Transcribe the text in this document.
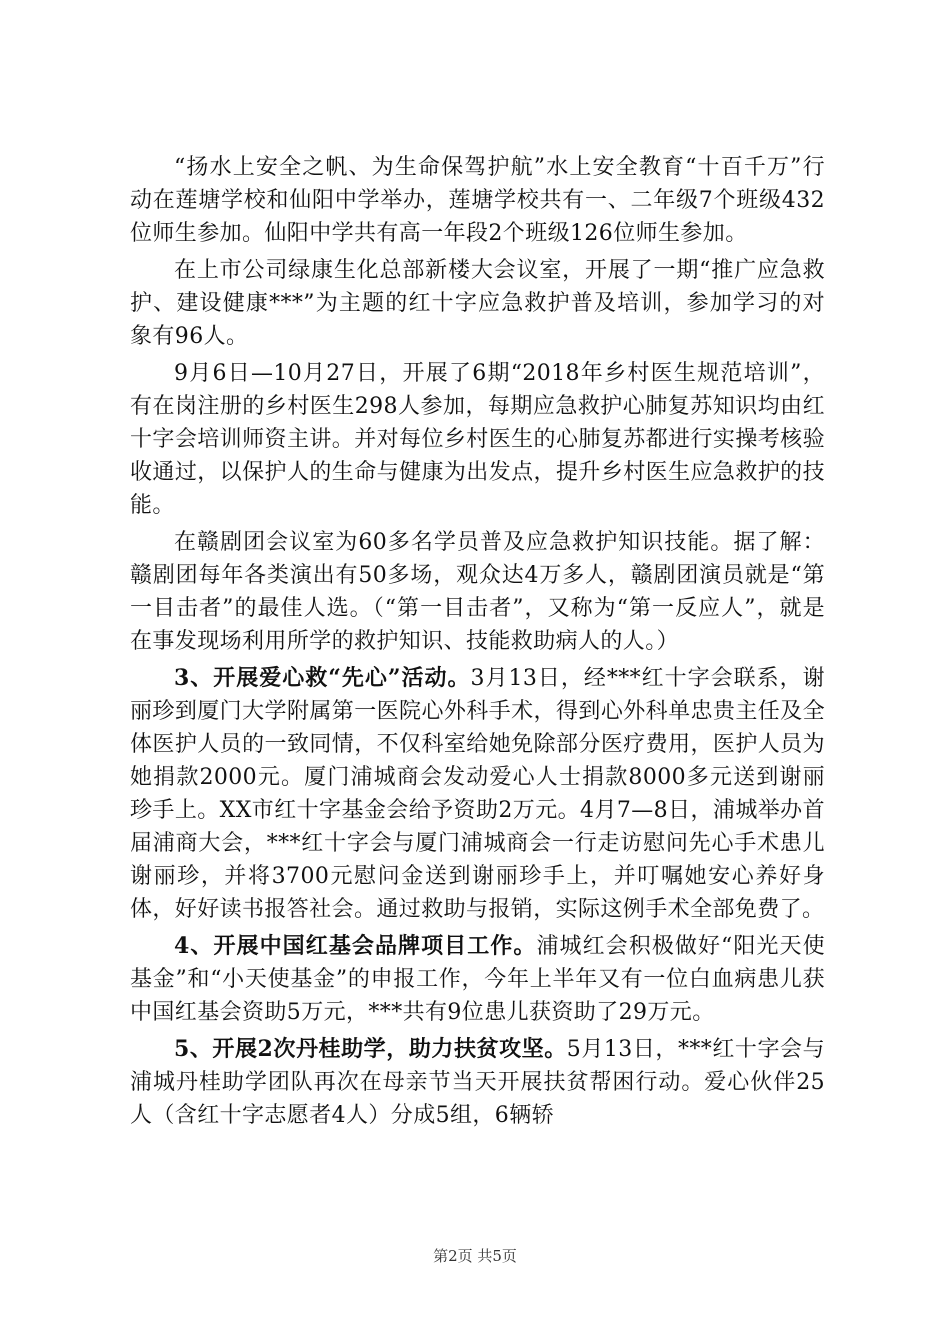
“扬水上安全之帆、为生命保驾护航”水上安全教育“十百千万”行动在莲塘学校和仙阳中学举办，莲塘学校共有一、二年级7个班级432位师生参加。仙阳中学共有高一年段2个班级126位师生参加。

在上市公司绿康生化总部新楼大会议室，开展了一期“推广应急救护、建设健康***”为主题的红十字应急救护普及培训，参加学习的对象有96人。

9月6日—10月27日，开展了6期“2018年乡村医生规范培训”，有在岗注册的乡村医生298人参加，每期应急救护心肺复苏知识均由红十字会培训师资主讲。并对每位乡村医生的心肺复苏都进行实操考核验收通过，以保护人的生命与健康为出发点，提升乡村医生应急救护的技能。

在赣剧团会议室为60多名学员普及应急救护知识技能。据了解：赣剧团每年各类演出有50多场，观众达4万多人，赣剧团演员就是“第一目击者”的最佳人选。（“第一目击者”，又称为“第一反应人”，就是在事发现场利用所学的救护知识、技能救助病人的人。）

3、开展爱心救“先心”活动。3月13日，经***红十字会联系，谢丽珍到厦门大学附属第一医院心外科手术，得到心外科单忠贵主任及全体医护人员的一致同情，不仅科室给她免除部分医疗费用，医护人员为她捐款2000元。厦门浦城商会发动爱心人士捐款8000多元送到谢丽珍手上。XX市红十字基金会给予资助2万元。4月7—8日，浦城举办首届浦商大会，***红十字会与厦门浦城商会一行走访慰问先心手术患儿谢丽珍，并将3700元慰问金送到谢丽珍手上，并叮嘱她安心养好身体，好好读书报答社会。通过救助与报销，实际这例手术全部免费了。

4、开展中国红基会品牌项目工作。浦城红会积极做好“阳光天使基金”和“小天使基金”的申报工作，今年上半年又有一位白血病患儿获中国红基会资助5万元，***共有9位患儿获资助了29万元。

5、开展2次丹桂助学，助力扶贫攻坚。5月13日，***红十字会与浦城丹桂助学团队再次在母亲节当天开展扶贫帮困行动。爱心伙伴25人（含红十字志愿者4人）分成5组，6辆轿

第2页 共5页
